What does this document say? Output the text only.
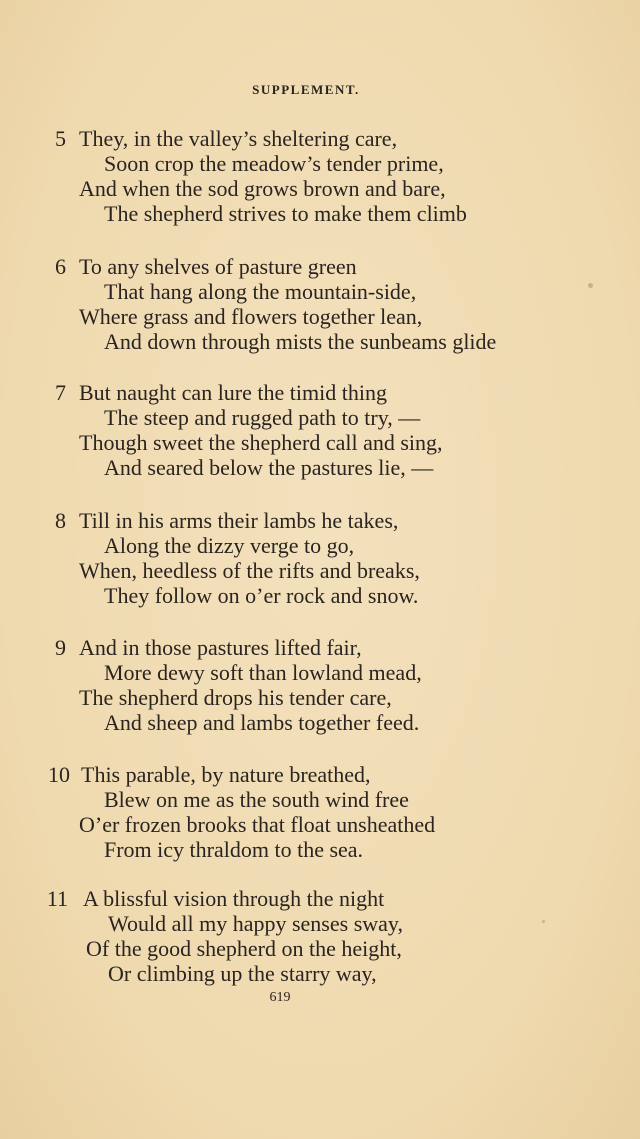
SUPPLEMENT.
5 They, in the valley’s sheltering care,
Soon crop the meadow’s tender prime,
And when the sod grows brown and bare,
The shepherd strives to make them climb
6 To any shelves of pasture green
That hang along the mountain-side,
Where grass and flowers together lean,
And down through mists the sunbeams glide
7 But naught can lure the timid thing
The steep and rugged path to try, —
Though sweet the shepherd call and sing,
And seared below the pastures lie, —
8 Till in his arms their lambs he takes,
Along the dizzy verge to go,
When, heedless of the rifts and breaks,
They follow on o’er rock and snow.
9 And in those pastures lifted fair,
More dewy soft than lowland mead,
The shepherd drops his tender care,
And sheep and lambs together feed.
10 This parable, by nature breathed,
Blew on me as the south wind free
O’er frozen brooks that float unsheathed
From icy thraldom to the sea.
11 A blissful vision through the night
Would all my happy senses sway,
Of the good shepherd on the height,
Or climbing up the starry way,
619
